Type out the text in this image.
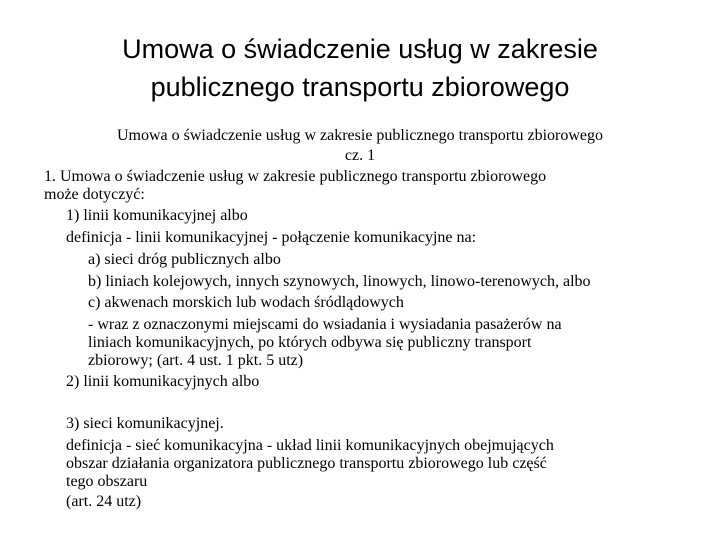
Umowa o świadczenie usług w zakresie
publicznego transportu zbiorowego
Umowa o świadczenie usług w zakresie publicznego transportu zbiorowego
cz. 1
1. Umowa o świadczenie usług w zakresie publicznego transportu zbiorowego
może dotyczyć:
1) linii komunikacyjnej albo
definicja - linii komunikacyjnej - połączenie komunikacyjne na:
a) sieci dróg publicznych albo
b) liniach kolejowych, innych szynowych, linowych, linowo-terenowych, albo
c) akwenach morskich lub wodach śródlądowych
- wraz z oznaczonymi miejscami do wsiadania i wysiadania pasażerów na
liniach komunikacyjnych, po których odbywa się publiczny transport
zbiorowy; (art. 4 ust. 1 pkt. 5 utz)
2) linii komunikacyjnych albo
3) sieci komunikacyjnej.
definicja - sieć komunikacyjna - układ linii komunikacyjnych obejmujących
obszar działania organizatora publicznego transportu zbiorowego lub część
tego obszaru
(art. 24 utz)
